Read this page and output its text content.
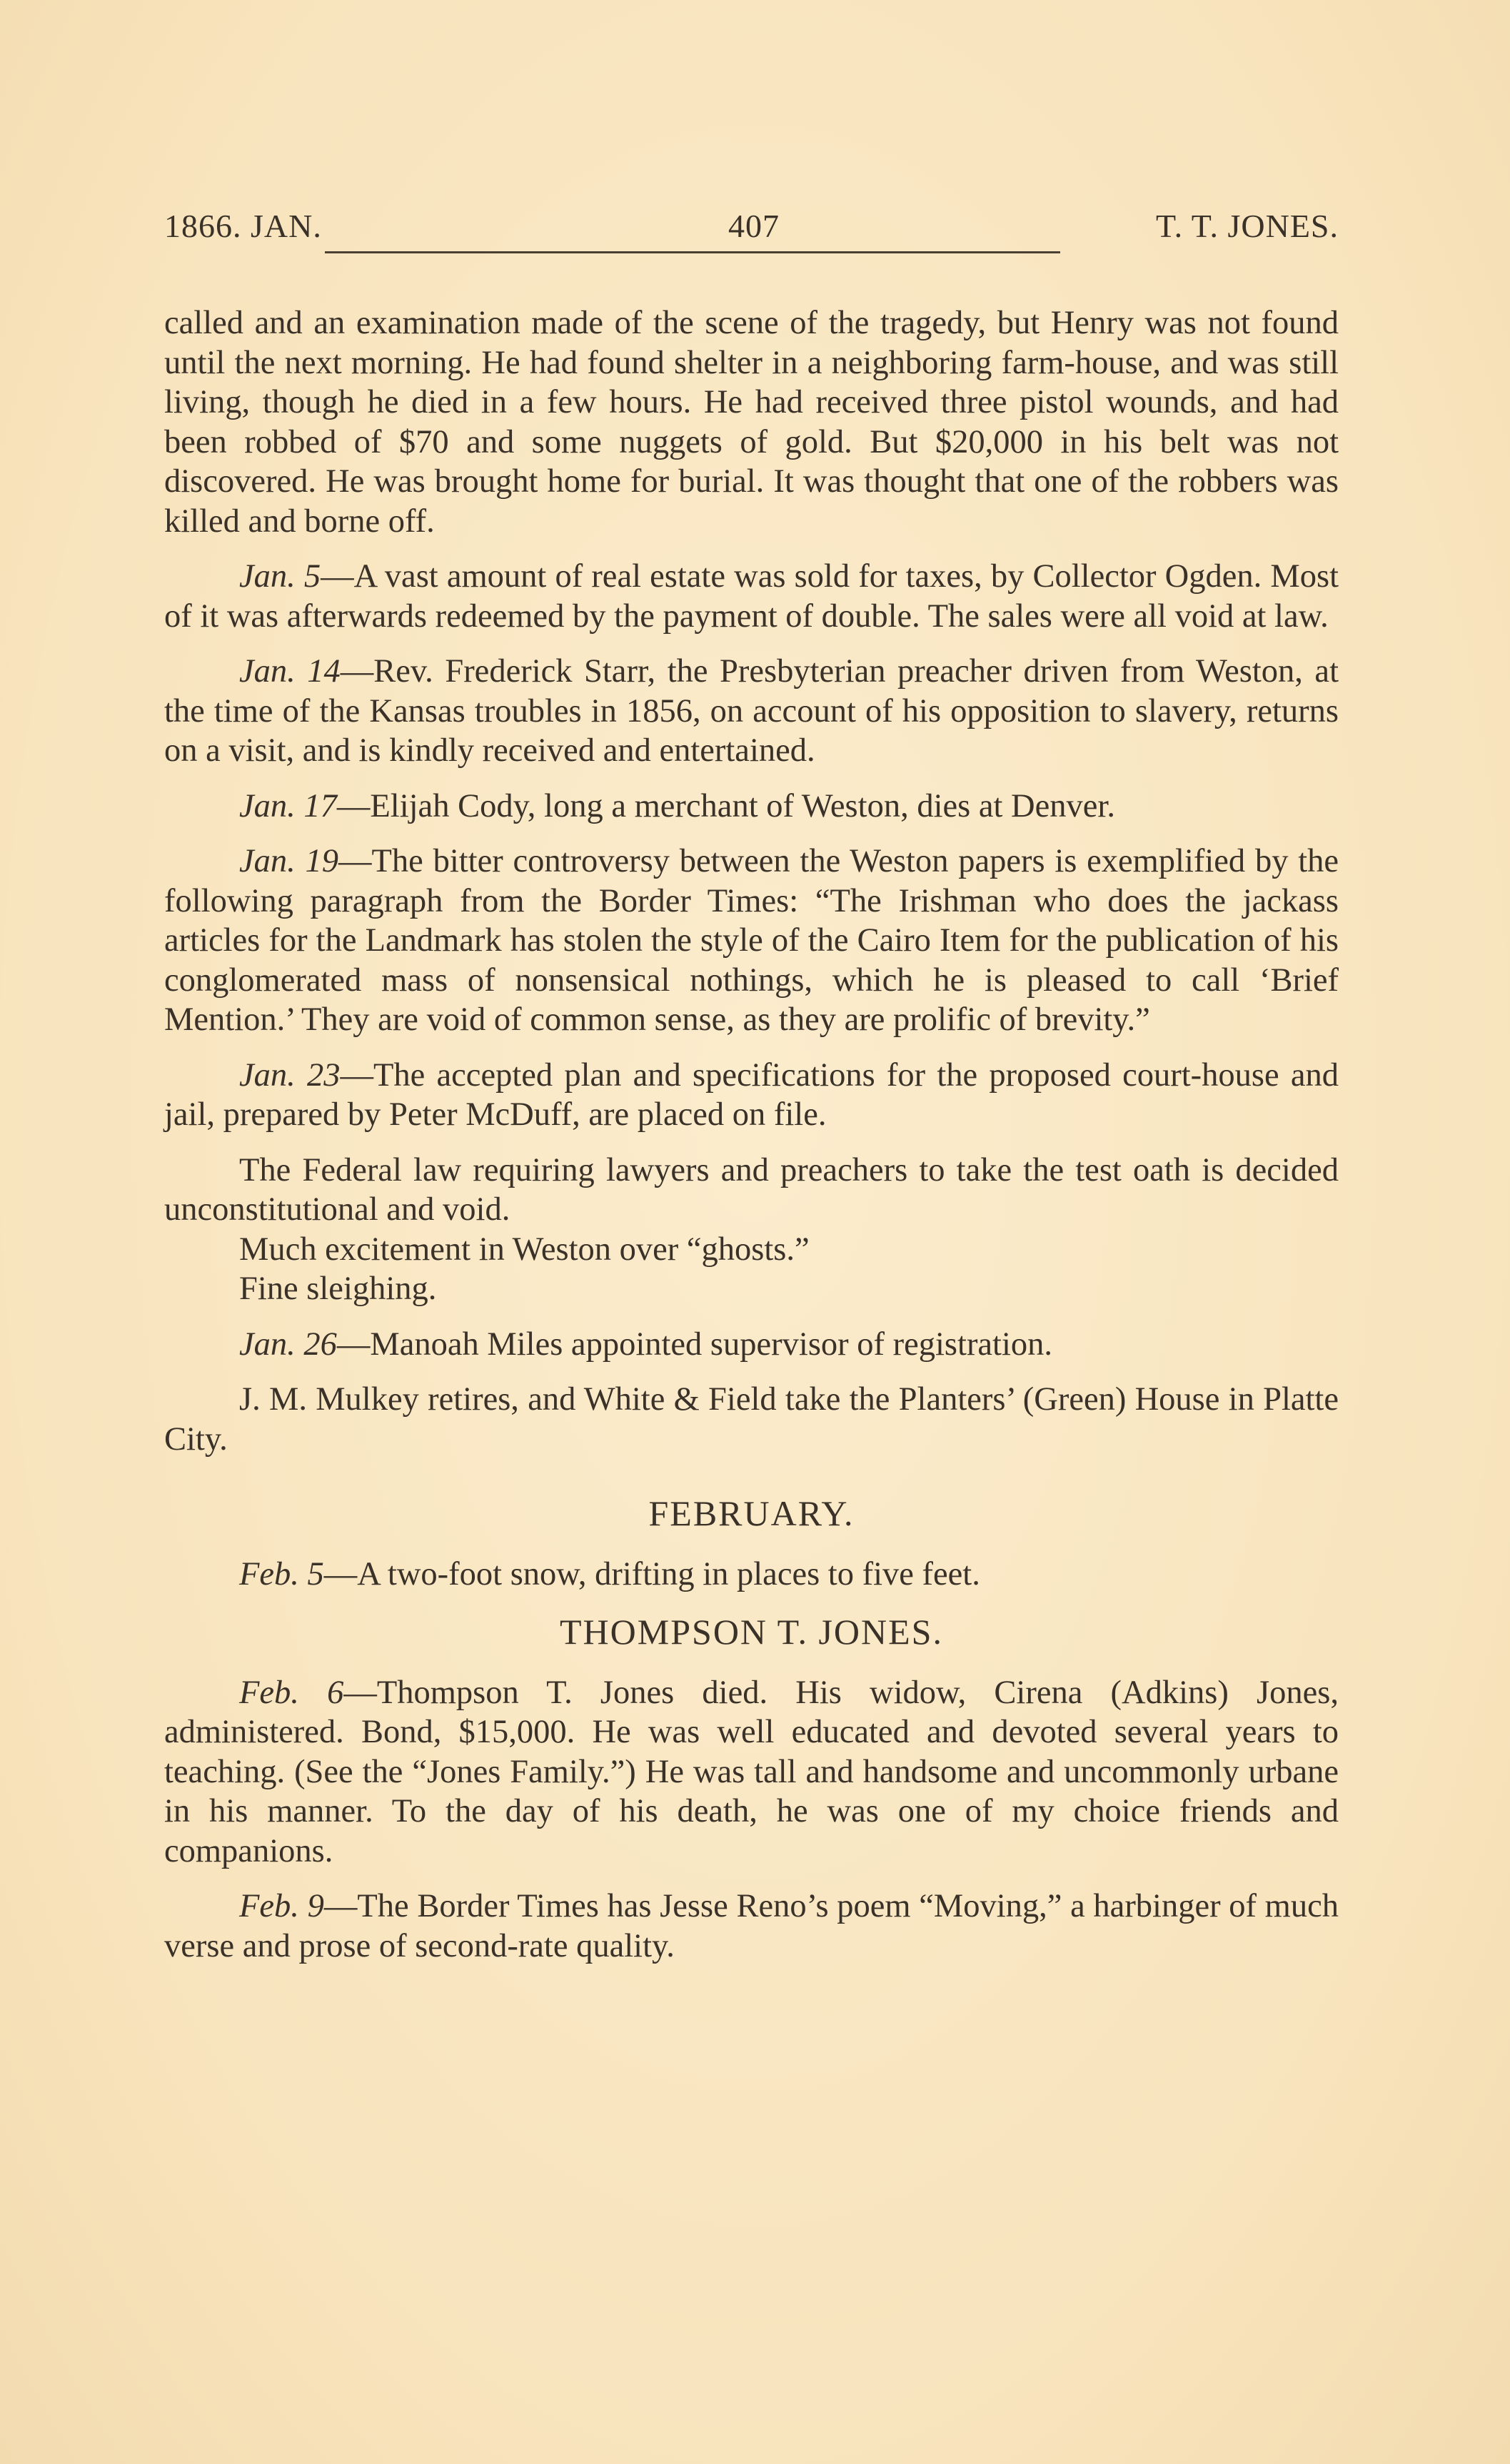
1866. JAN.	407	T. T. JONES.

called and an examination made of the scene of the tragedy, but Henry was not found until the next morning. He had found shelter in a neighboring farm-house, and was still living, though he died in a few hours. He had received three pistol wounds, and had been robbed of $70 and some nuggets of gold. But $20,000 in his belt was not discovered. He was brought home for burial. It was thought that one of the robbers was killed and borne off.

Jan. 5—A vast amount of real estate was sold for taxes, by Collector Ogden. Most of it was afterwards redeemed by the payment of double. The sales were all void at law.

Jan. 14—Rev. Frederick Starr, the Presbyterian preacher driven from Weston, at the time of the Kansas troubles in 1856, on account of his opposition to slavery, returns on a visit, and is kindly received and entertained.

Jan. 17—Elijah Cody, long a merchant of Weston, dies at Denver.

Jan. 19—The bitter controversy between the Weston papers is exemplified by the following paragraph from the Border Times: “The Irishman who does the jackass articles for the Landmark has stolen the style of the Cairo Item for the publication of his conglomerated mass of nonsensical nothings, which he is pleased to call ‘Brief Mention.’ They are void of common sense, as they are prolific of brevity.”

Jan. 23—The accepted plan and specifications for the proposed court-house and jail, prepared by Peter McDuff, are placed on file.

The Federal law requiring lawyers and preachers to take the test oath is decided unconstitutional and void.

Much excitement in Weston over “ghosts.”

Fine sleighing.

Jan. 26—Manoah Miles appointed supervisor of registration.

J. M. Mulkey retires, and White & Field take the Planters’ (Green) House in Platte City.

FEBRUARY.

Feb. 5—A two-foot snow, drifting in places to five feet.

THOMPSON T. JONES.

Feb. 6—Thompson T. Jones died. His widow, Cirena (Adkins) Jones, administered. Bond, $15,000. He was well educated and devoted several years to teaching. (See the “Jones Family.”) He was tall and handsome and uncommonly urbane in his manner. To the day of his death, he was one of my choice friends and companions.

Feb. 9—The Border Times has Jesse Reno’s poem “Moving,” a harbinger of much verse and prose of second-rate quality.
